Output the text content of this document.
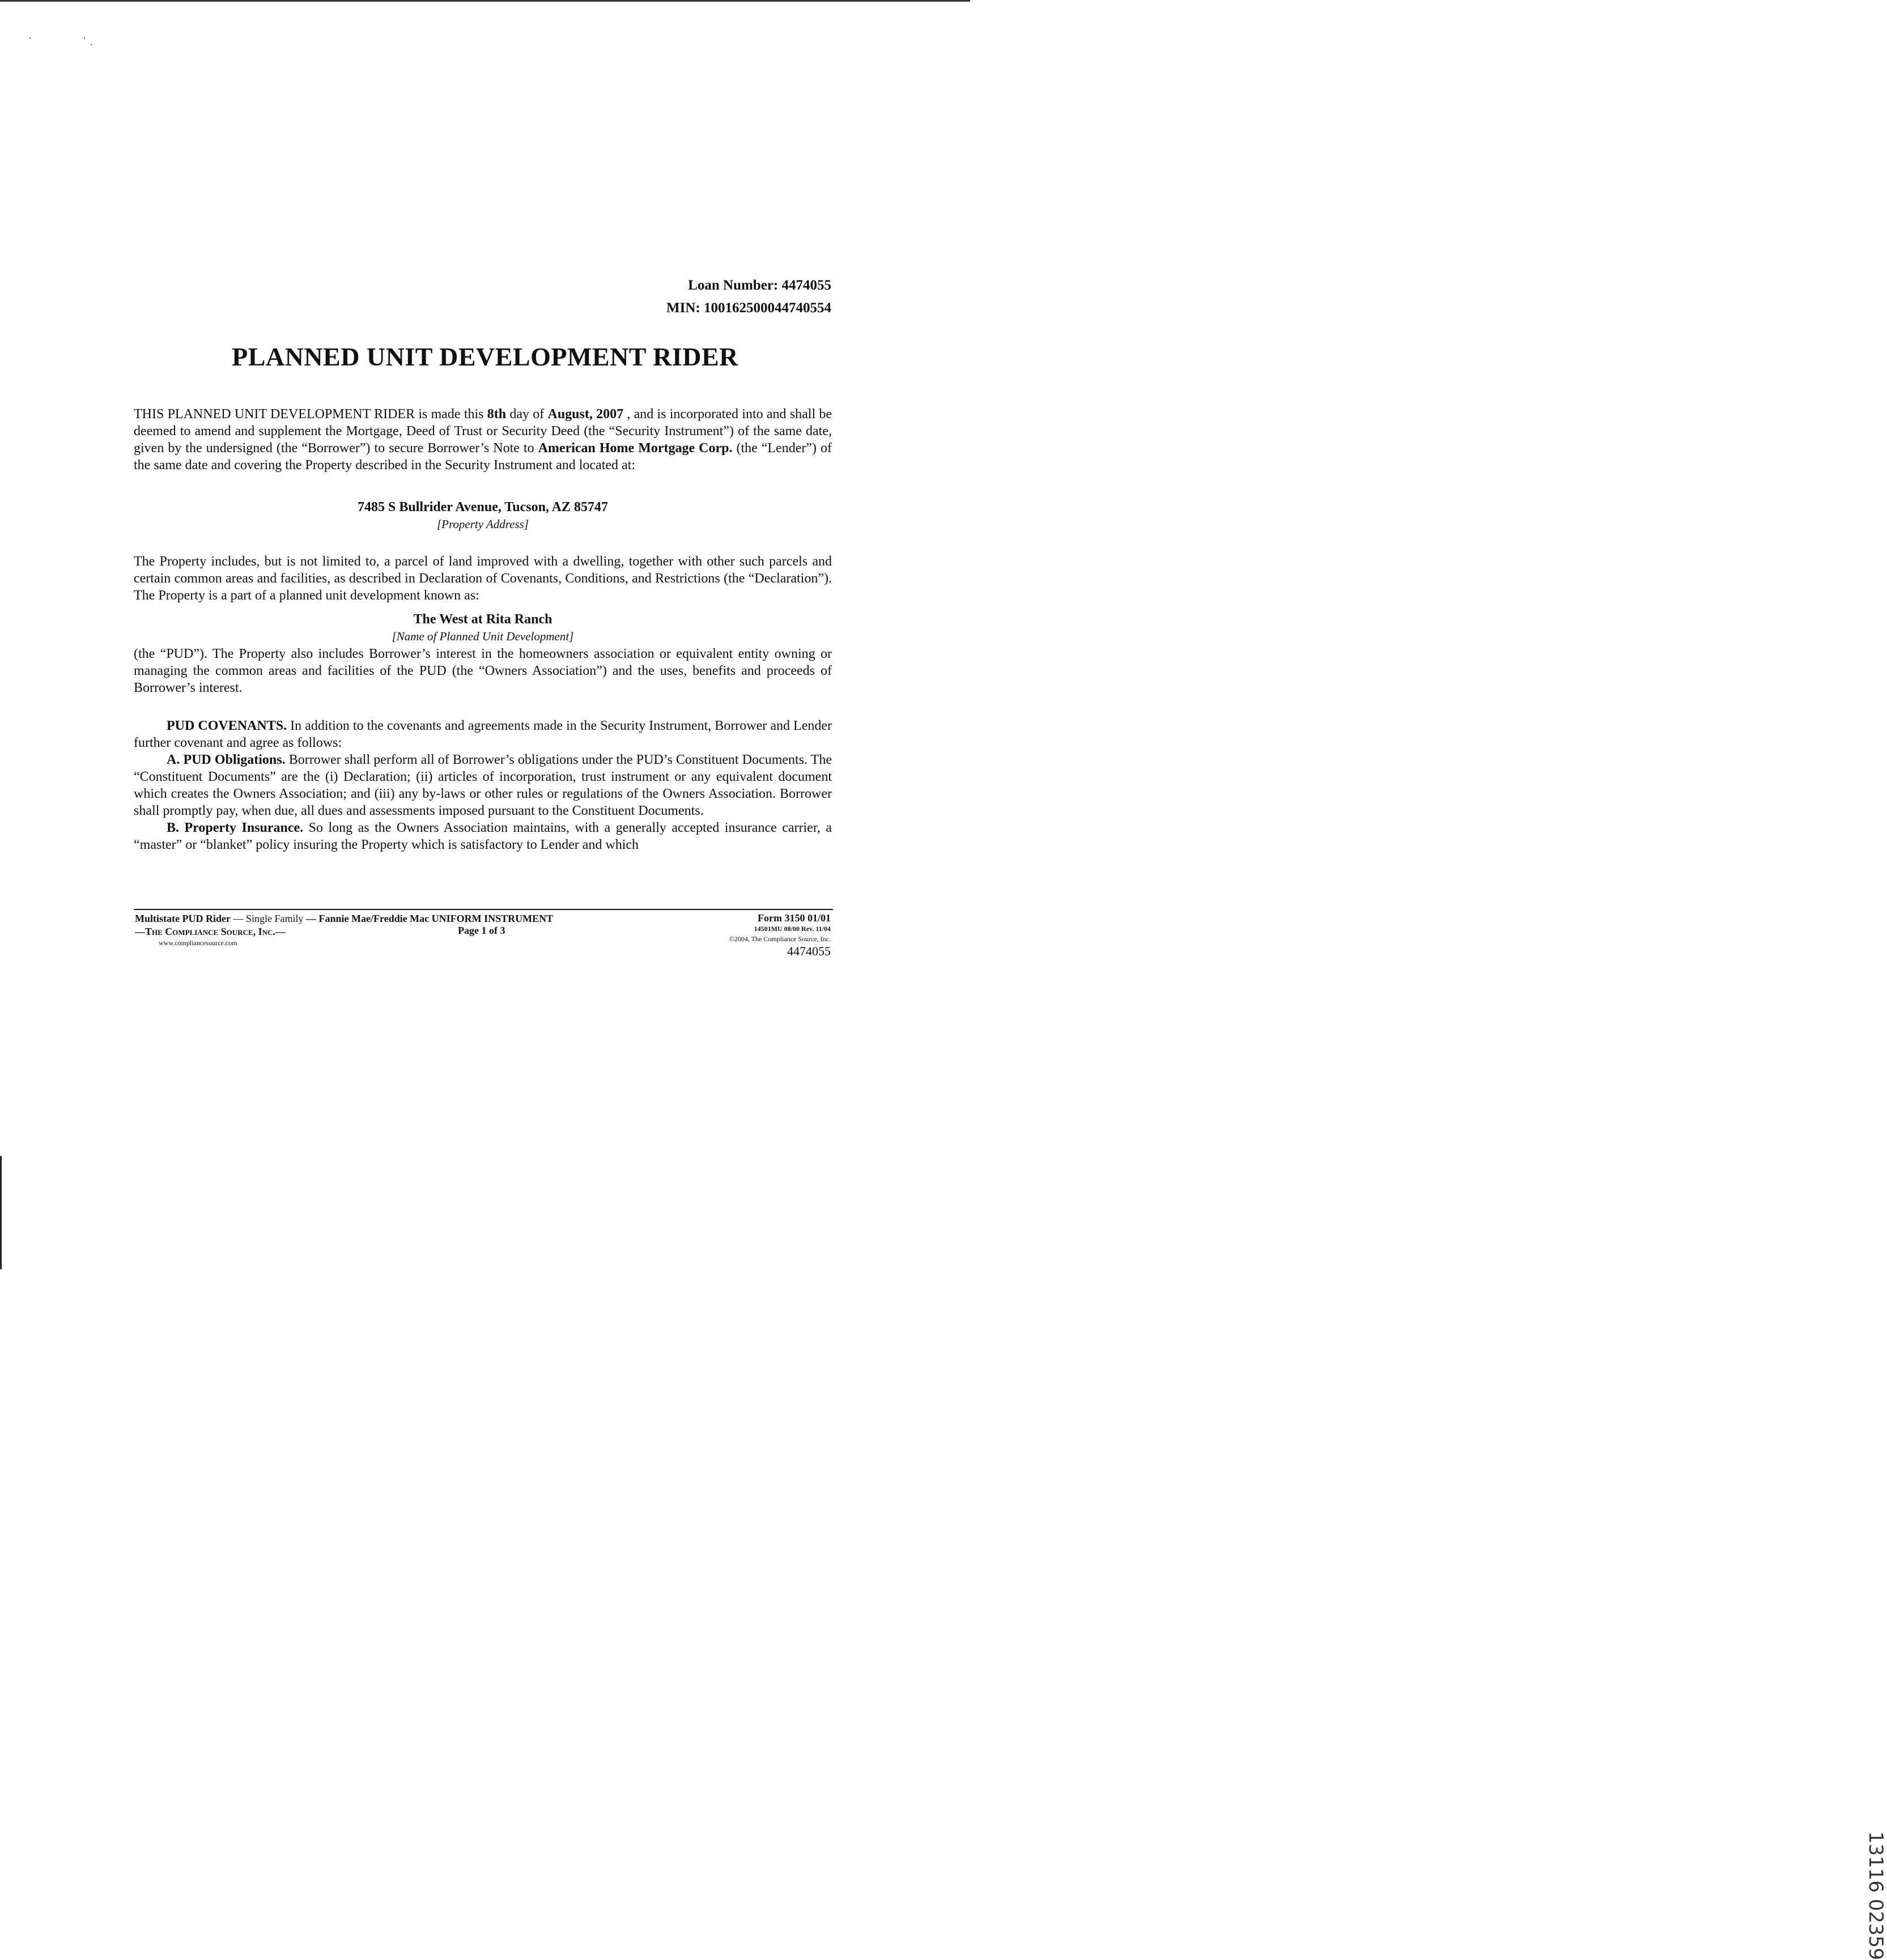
Loan Number: 4474055
MIN: 100162500044740554
PLANNED UNIT DEVELOPMENT RIDER

THIS PLANNED UNIT DEVELOPMENT RIDER is made this 8th day of August, 2007 , and is incorporated into and shall be deemed to amend and supplement the Mortgage, Deed of Trust or Security Deed (the “Security Instrument”) of the same date, given by the undersigned (the “Borrower”) to secure Borrower’s Note to American Home Mortgage Corp. (the “Lender”) of the same date and covering the Property described in the Security Instrument and located at:

7485 S Bullrider Avenue, Tucson, AZ 85747

[Property Address]

The Property includes, but is not limited to, a parcel of land improved with a dwelling, together with other such parcels and certain common areas and facilities, as described in Declaration of Covenants, Conditions, and Restrictions (the “Declaration”). The Property is a part of a planned unit development known as:

The West at Rita Ranch

[Name of Planned Unit Development]

(the “PUD”). The Property also includes Borrower’s interest in the homeowners association or equivalent entity owning or managing the common areas and facilities of the PUD (the “Owners Association”) and the uses, benefits and proceeds of Borrower’s interest.

PUD COVENANTS. In addition to the covenants and agreements made in the Security Instrument, Borrower and Lender further covenant and agree as follows:

A. PUD Obligations. Borrower shall perform all of Borrower’s obligations under the PUD’s Constituent Documents. The “Constituent Documents” are the (i) Declaration; (ii) articles of incorporation, trust instrument or any equivalent document which creates the Owners Association; and (iii) any by-laws or other rules or regulations of the Owners Association. Borrower shall promptly pay, when due, all dues and assessments imposed pursuant to the Constituent Documents.

B. Property Insurance. So long as the Owners Association maintains, with a generally accepted insurance carrier, a “master” or “blanket” policy insuring the Property which is satisfactory to Lender and which

Multistate PUD Rider — Single Family — Fannie Mae/Freddie Mac UNIFORM INSTRUMENT
—The Compliance Source, Inc.—
www.compliancesource.com
Page 1 of 3
Form 3150 01/01
14501MU 08/00 Rev. 11/04
©2004, The Compliance Source, Inc.
4474055
13116 02359
